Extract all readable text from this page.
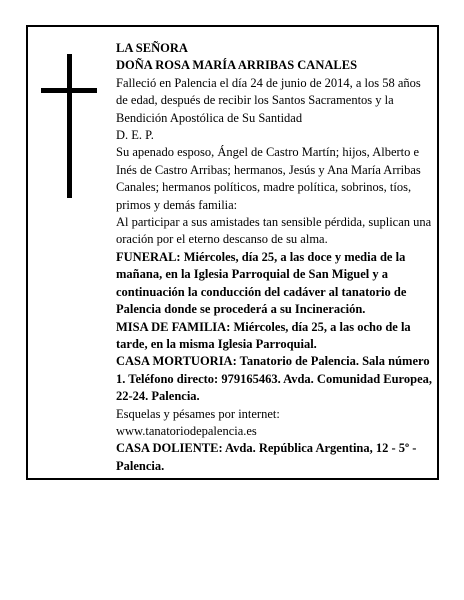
LA SEÑORA

DOÑA ROSA MARÍA ARRIBAS CANALES

Falleció en Palencia el día 24 de junio de 2014, a los 58 años de edad, después de recibir los Santos Sacramentos y la Bendición Apostólica de Su Santidad

D. E. P.

Su apenado esposo, Ángel de Castro Martín; hijos, Alberto e Inés de Castro Arribas; hermanos, Jesús y Ana María Arribas Canales; hermanos políticos, madre política, sobrinos, tíos, primos y demás familia:

Al participar a sus amistades tan sensible pérdida, suplican una oración por el eterno descanso de su alma.

FUNERAL: Miércoles, día 25, a las doce y media de la mañana, en la Iglesia Parroquial de San Miguel y a continuación la conducción del cadáver al tanatorio de Palencia donde se procederá a su Incineración.

MISA DE FAMILIA: Miércoles, día 25, a las ocho de la tarde, en la misma Iglesia Parroquial.

CASA MORTUORIA: Tanatorio de Palencia. Sala número 1. Teléfono directo: 979165463. Avda. Comunidad Europea, 22-24. Palencia.

Esquelas y pésames por internet:

www.tanatoriodepalencia.es

CASA DOLIENTE: Avda. República Argentina, 12 - 5º - Palencia.
